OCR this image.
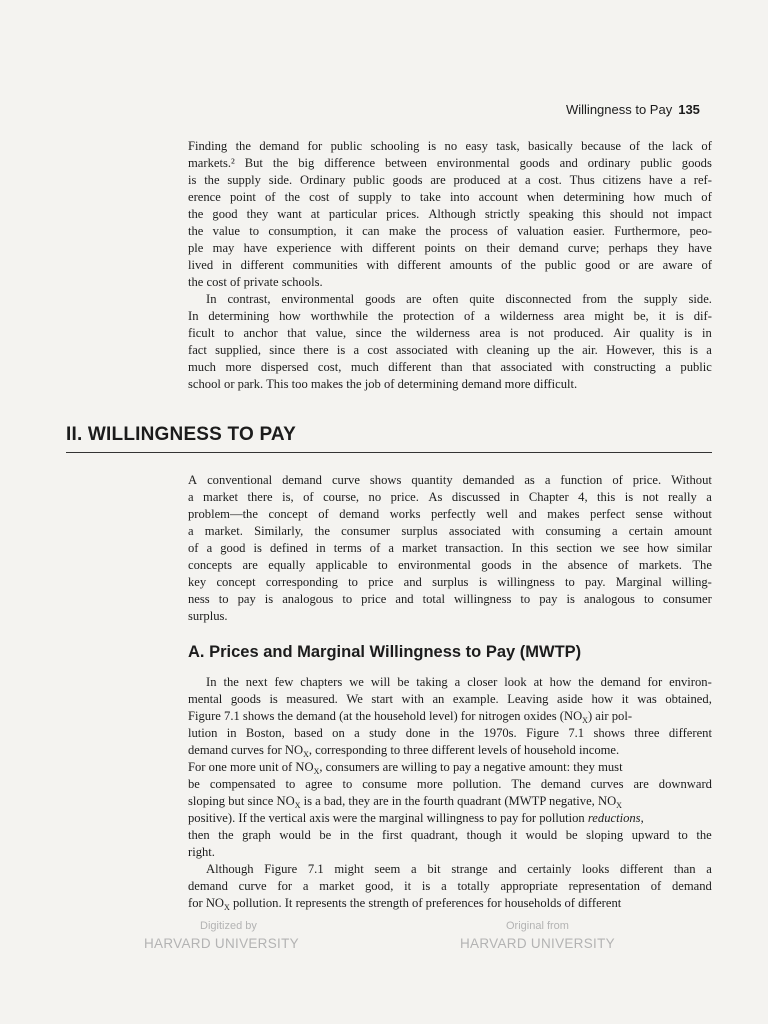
Willingness to Pay 135
Finding the demand for public schooling is no easy task, basically because of the lack of
markets.² But the big difference between environmental goods and ordinary public goods
is the supply side. Ordinary public goods are produced at a cost. Thus citizens have a ref-
erence point of the cost of supply to take into account when determining how much of
the good they want at particular prices. Although strictly speaking this should not impact
the value to consumption, it can make the process of valuation easier. Furthermore, peo-
ple may have experience with different points on their demand curve; perhaps they have
lived in different communities with different amounts of the public good or are aware of
the cost of private schools.
In contrast, environmental goods are often quite disconnected from the supply side.
In determining how worthwhile the protection of a wilderness area might be, it is dif-
ficult to anchor that value, since the wilderness area is not produced. Air quality is in
fact supplied, since there is a cost associated with cleaning up the air. However, this is a
much more dispersed cost, much different than that associated with constructing a public
school or park. This too makes the job of determining demand more difficult.
II. WILLINGNESS TO PAY
A conventional demand curve shows quantity demanded as a function of price. Without
a market there is, of course, no price. As discussed in Chapter 4, this is not really a
problem—the concept of demand works perfectly well and makes perfect sense without
a market. Similarly, the consumer surplus associated with consuming a certain amount
of a good is defined in terms of a market transaction. In this section we see how similar
concepts are equally applicable to environmental goods in the absence of markets. The
key concept corresponding to price and surplus is willingness to pay. Marginal willing-
ness to pay is analogous to price and total willingness to pay is analogous to consumer
surplus.
A. Prices and Marginal Willingness to Pay (MWTP)
In the next few chapters we will be taking a closer look at how the demand for environ-
mental goods is measured. We start with an example. Leaving aside how it was obtained,
Figure 7.1 shows the demand (at the household level) for nitrogen oxides $(NO_X)$ air pol-
lution in Boston, based on a study done in the 1970s. Figure 7.1 shows three different
demand curves for $NO_X$, corresponding to three different levels of household income.
For one more unit of $NO_X$, consumers are willing to pay a negative amount: they must
be compensated to agree to consume more pollution. The demand curves are downward
sloping but since $NO_X$ is a bad, they are in the fourth quadrant (MWTP negative, $NO_X$
positive). If the vertical axis were the marginal willingness to pay for pollution reductions,
then the graph would be in the first quadrant, though it would be sloping upward to the
right.
Although Figure 7.1 might seem a bit strange and certainly looks different than a
demand curve for a market good, it is a totally appropriate representation of demand
for $NO_X$ pollution. It represents the strength of preferences for households of different
Digitized by
HARVARD UNIVERSITY
Original from
HARVARD UNIVERSITY
